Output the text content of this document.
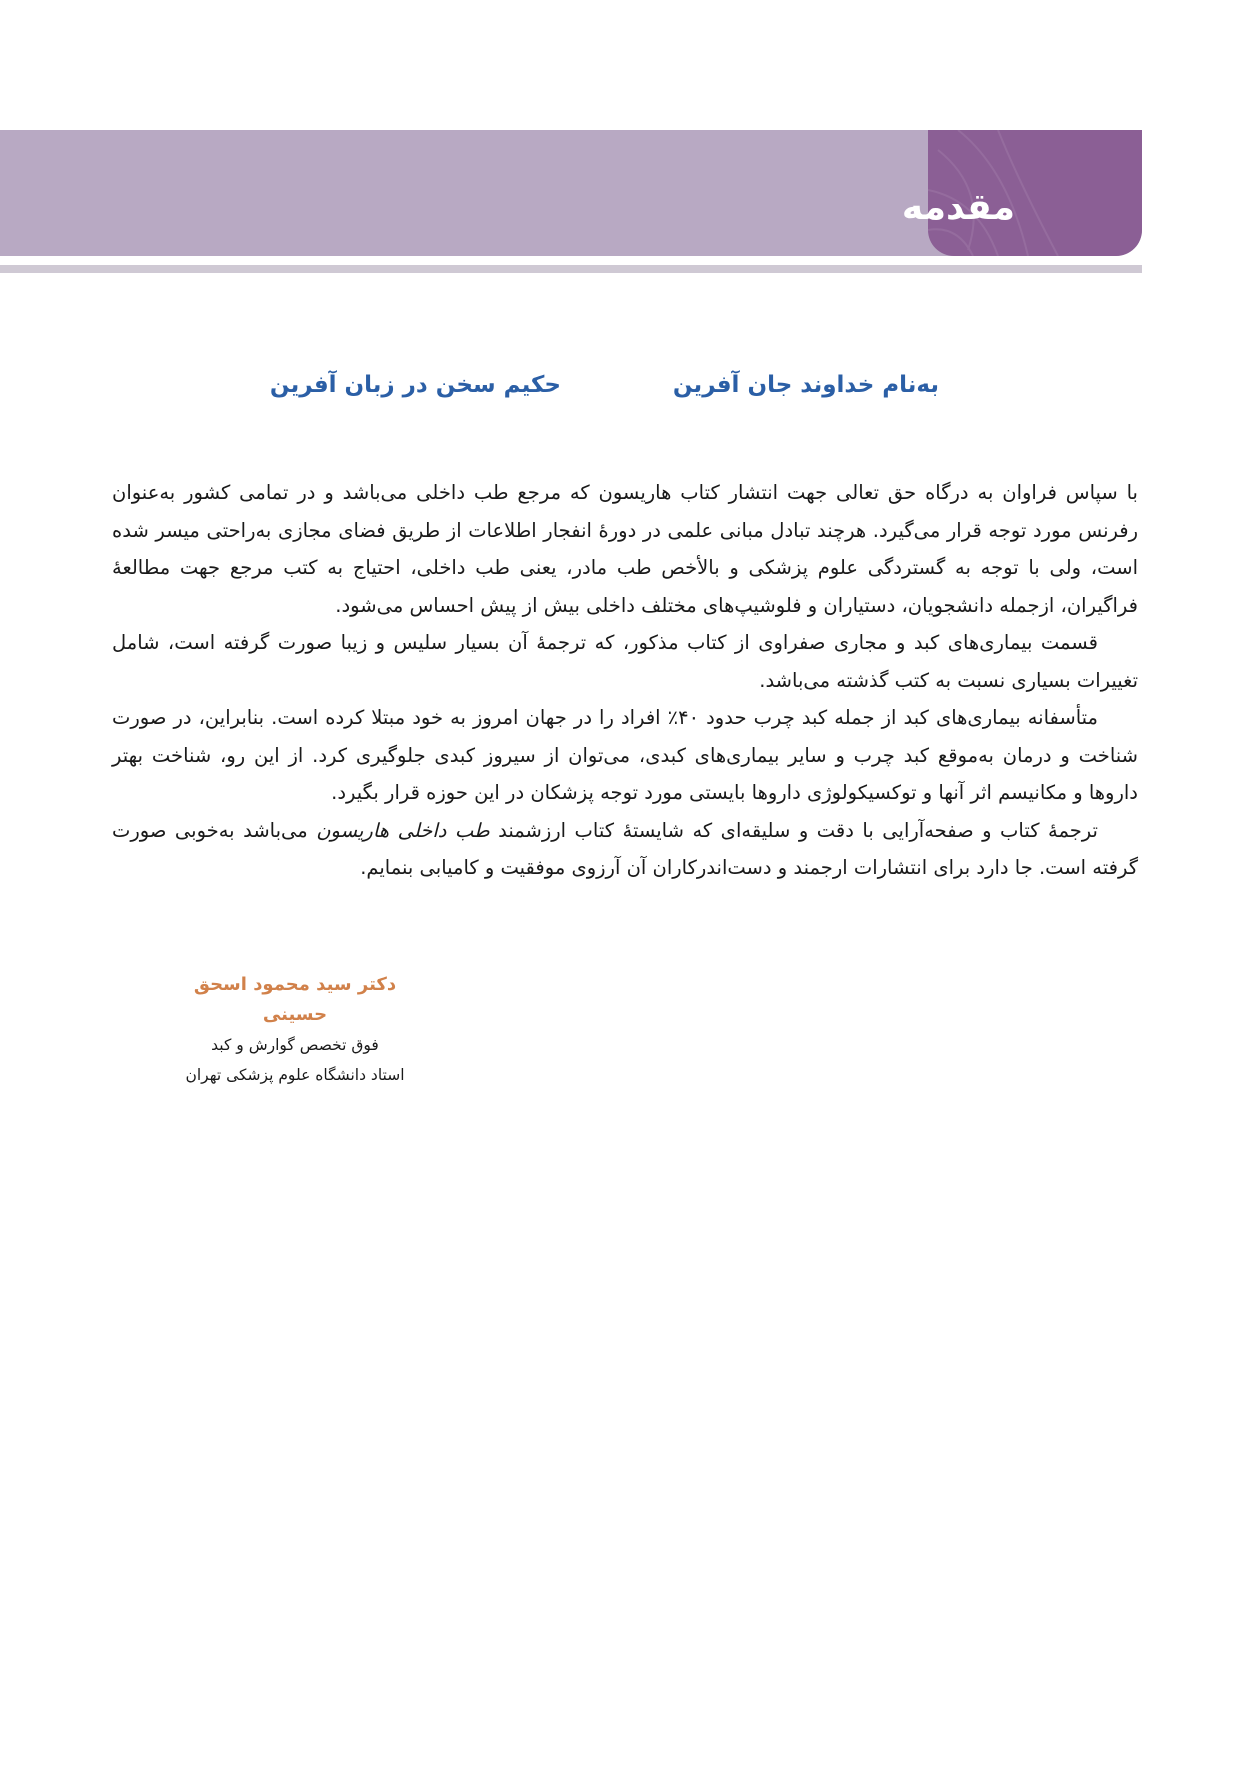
مقدمه
به‌نام خداوند جان آفرین
حکیم سخن در زبان آفرین

با سپاس فراوان به درگاه حق تعالی جهت انتشار کتاب هاریسون که مرجع طب داخلی می‌باشد و در تمامی کشور به‌عنوان رفرنس مورد توجه قرار می‌گیرد. هرچند تبادل مبانی علمی در دورهٔ انفجار اطلاعات از طریق فضای مجازی به‌راحتی میسر شده است، ولی با توجه به گستردگی علوم پزشکی و بالأخص طب مادر، یعنی طب داخلی، احتیاج به کتب مرجع جهت مطالعهٔ فراگیران، ازجمله دانشجویان، دستیاران و فلوشیپ‌های مختلف داخلی بیش از پیش احساس می‌شود.

قسمت بیماری‌های کبد و مجاری صفراوی از کتاب مذکور، که ترجمهٔ آن بسیار سلیس و زیبا صورت گرفته است، شامل تغییرات بسیاری نسبت به کتب گذشته می‌باشد.

متأسفانه بیماری‌های کبد از جمله کبد چرب حدود ۴۰٪ افراد را در جهان امروز به خود مبتلا کرده است. بنابراین، در صورت شناخت و درمان به‌موقع کبد چرب و سایر بیماری‌های کبدی، می‌توان از سیروز کبدی جلوگیری کرد. از این رو، شناخت بهتر داروها و مکانیسم اثر آنها و توکسیکولوژی داروها بایستی مورد توجه پزشکان در این حوزه قرار بگیرد.

ترجمهٔ کتاب و صفحه‌آرایی با دقت و سلیقه‌ای که شایستهٔ کتاب ارزشمند طب داخلی هاریسون می‌باشد به‌خوبی صورت گرفته است. جا دارد برای انتشارات ارجمند و دست‌اندرکاران آن آرزوی موفقیت و کامیابی بنمایم.

دکتر سید محمود اسحق حسینی
فوق تخصص گوارش و کبد
استاد دانشگاه علوم پزشکی تهران
